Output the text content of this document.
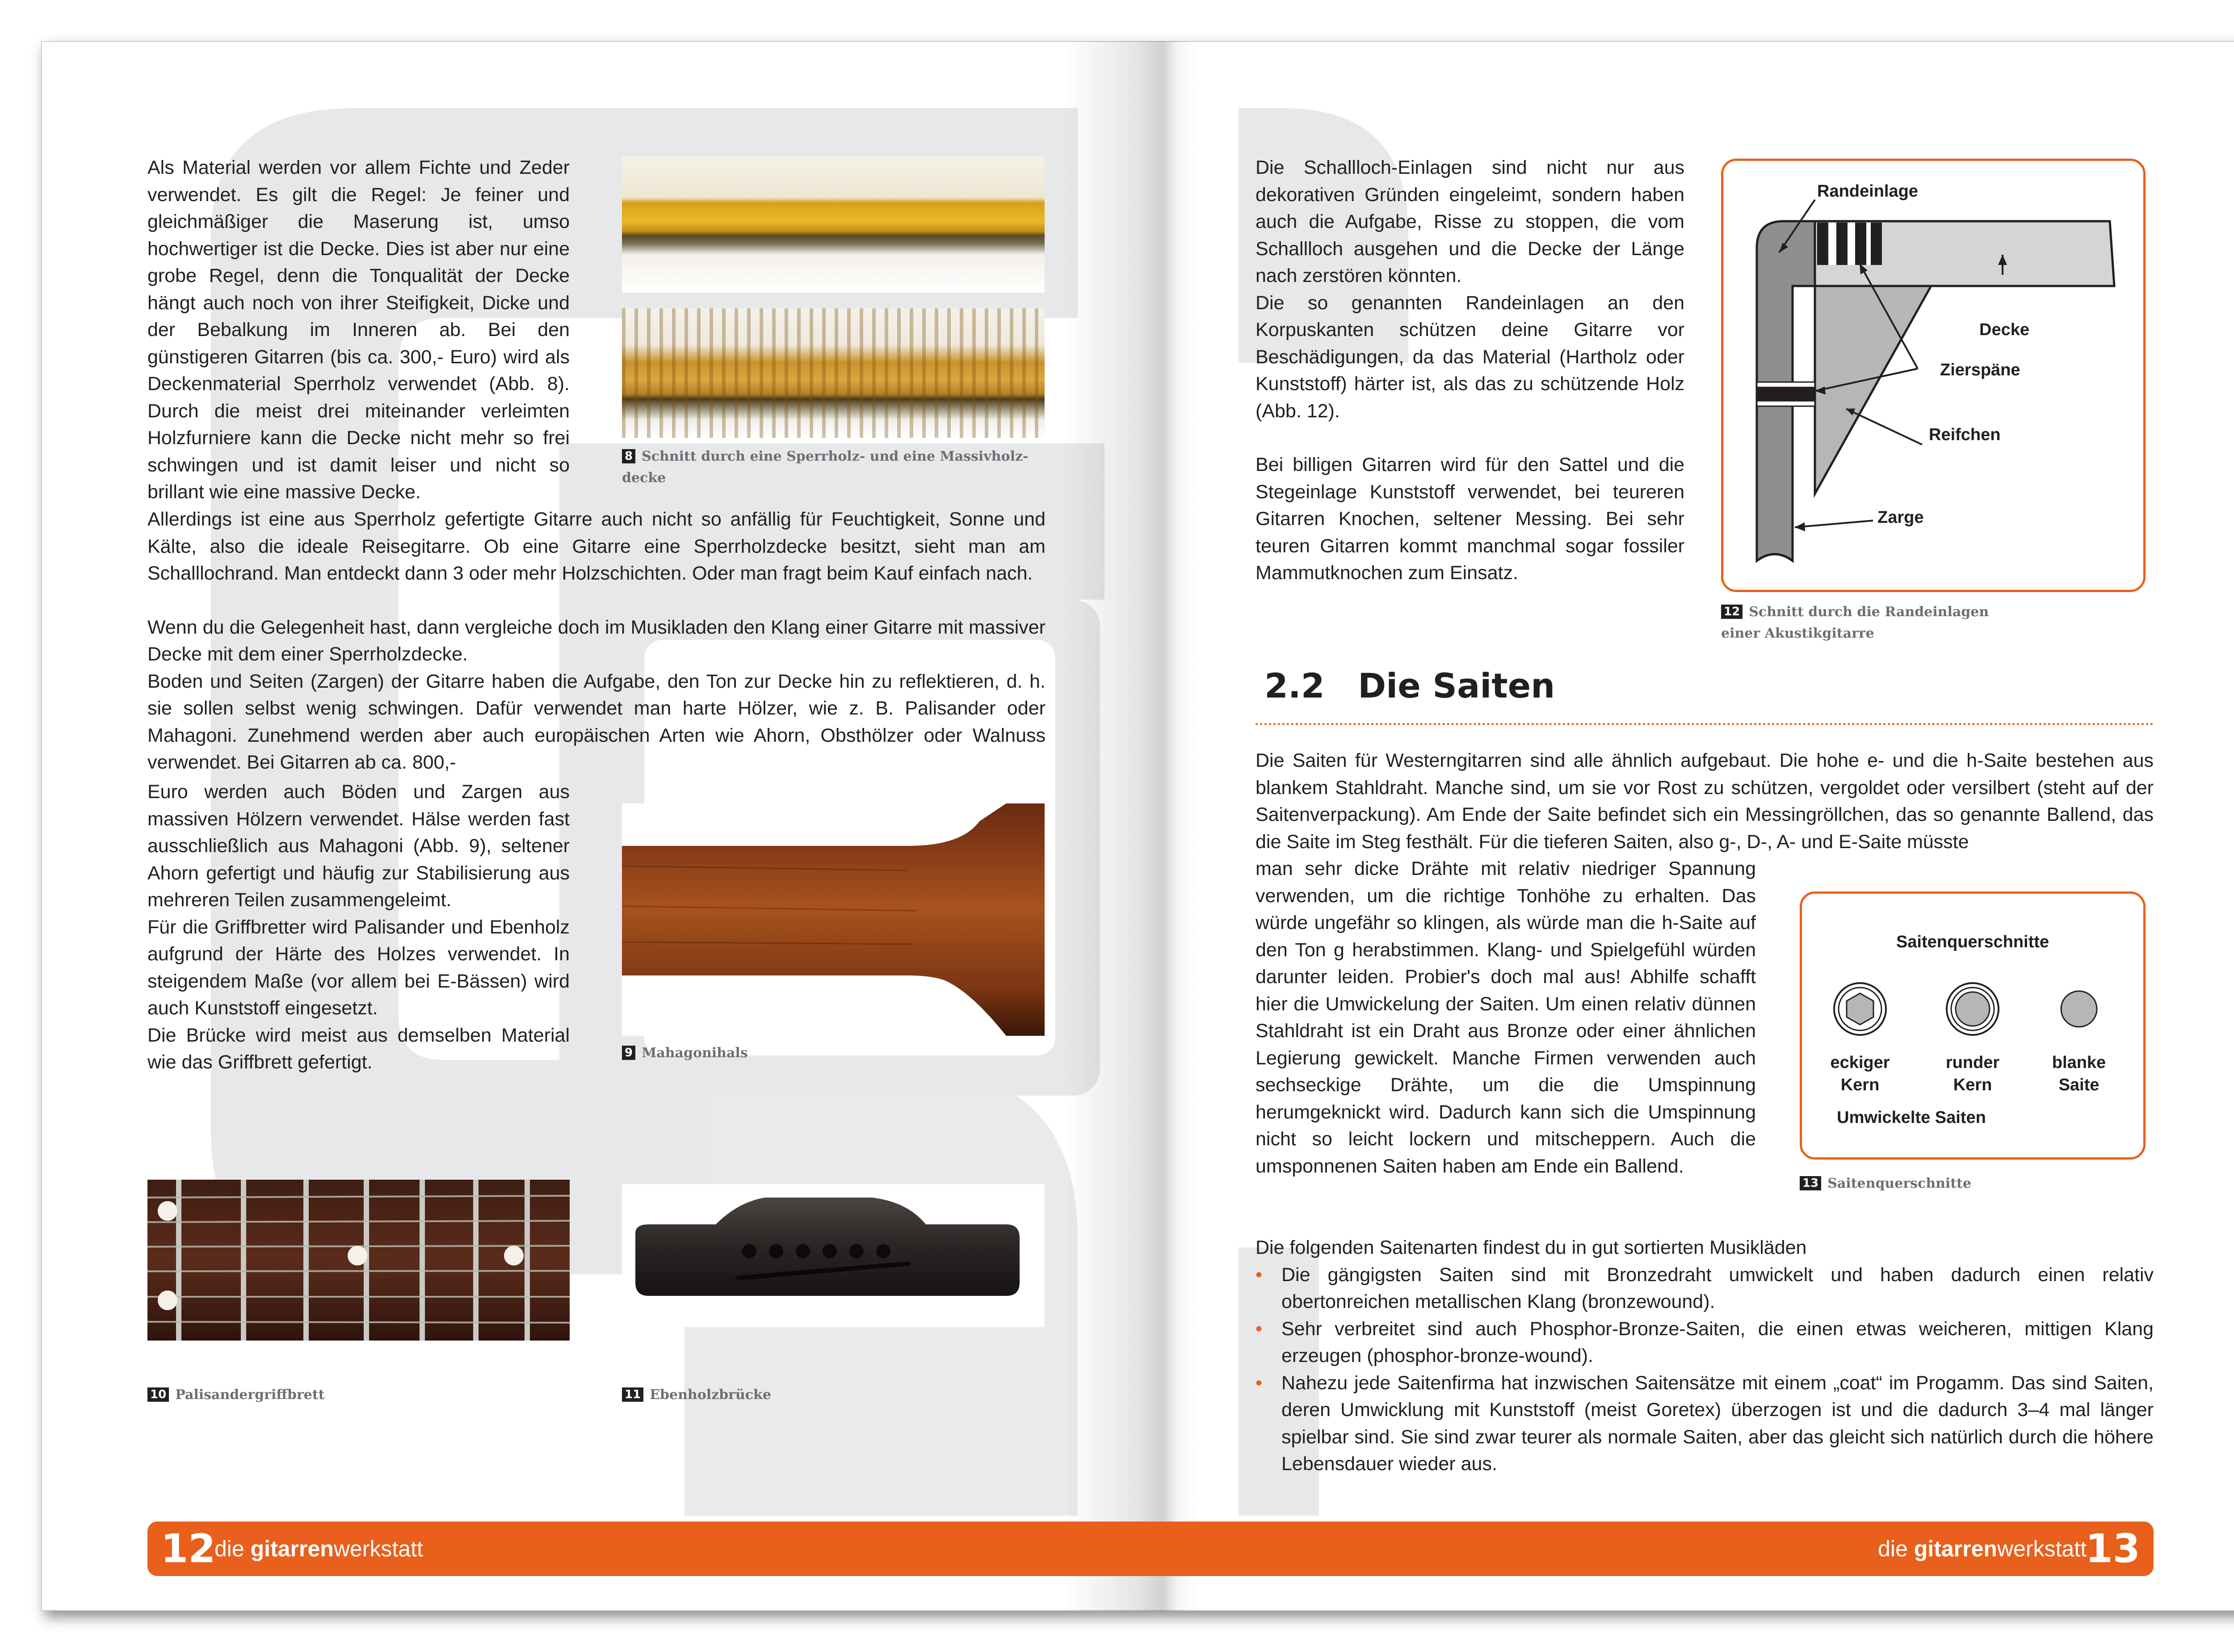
Als Material werden vor allem Fichte und Zeder verwendet. Es gilt die Regel: Je feiner und gleichmäßiger die Maserung ist, umso hochwertiger ist die Decke. Dies ist aber nur eine grobe Regel, denn die Tonqualität der Decke hängt auch noch von ihrer Steifigkeit, Dicke und der Bebalkung im Inneren ab. Bei den günstigeren Gitarren (bis ca. 300,- Euro) wird als Deckenmaterial Sperrholz verwendet (Abb. 8). Durch die meist drei miteinander verleimten Holzfurniere kann die Decke nicht mehr so frei schwingen und ist damit leiser und nicht so brillant wie eine massive Decke.

8 Schnitt durch eine Sperrholz- und eine Massivholz-decke

Allerdings ist eine aus Sperrholz gefertigte Gitarre auch nicht so anfällig für Feuchtigkeit, Sonne und Kälte, also die ideale Reisegitarre. Ob eine Gitarre eine Sperrholzdecke besitzt, sieht man am Schalllochrand. Man entdeckt dann 3 oder mehr Holzschichten. Oder man fragt beim Kauf einfach nach.

Wenn du die Gelegenheit hast, dann vergleiche doch im Musikladen den Klang einer Gitarre mit massiver Decke mit dem einer Sperrholzdecke.

Boden und Seiten (Zargen) der Gitarre haben die Aufgabe, den Ton zur Decke hin zu reflektieren, d. h. sie sollen selbst wenig schwingen. Dafür verwendet man harte Hölzer, wie z. B. Palisander oder Mahagoni. Zunehmend werden aber auch europäischen Arten wie Ahorn, Obsthölzer oder Walnuss verwendet. Bei Gitarren ab ca. 800,-

Euro werden auch Böden und Zargen aus massiven Hölzern verwendet. Hälse werden fast ausschließlich aus Mahagoni (Abb. 9), seltener Ahorn gefertigt und häufig zur Stabilisierung aus mehreren Teilen zusammengeleimt.

Für die Griffbretter wird Palisander und Ebenholz aufgrund der Härte des Holzes verwendet. In steigendem Maße (vor allem bei E-Bässen) wird auch Kunststoff eingesetzt.

Die Brücke wird meist aus demselben Material wie das Griffbrett gefertigt.	9 Mahagonihals
10 Palisandergriffbrett	11 Ebenholzbrücke

Die Schallloch-Einlagen sind nicht nur aus dekorativen Gründen eingeleimt, sondern haben auch die Aufgabe, Risse zu stoppen, die vom Schallloch ausgehen und die Decke der Länge nach zerstören könnten.

Die so genannten Randeinlagen an den Korpuskanten schützen deine Gitarre vor Beschädigungen, da das Material (Hartholz oder Kunststoff) härter ist, als das zu schützende Holz (Abb. 12).

Bei billigen Gitarren wird für den Sattel und die Stegeinlage Kunststoff verwendet, bei teureren Gitarren Knochen, seltener Messing. Bei sehr teuren Gitarren kommt manchmal sogar fossiler Mammutknochen zum Einsatz.

Randeinlage
Decke
Zierspäne
Reifchen
Zarge
12 Schnitt durch die Randeinlagen
einer Akustikgitarre
2.2 Die Saiten

Die Saiten für Westerngitarren sind alle ähnlich aufgebaut. Die hohe e- und die h-Saite bestehen aus blankem Stahldraht. Manche sind, um sie vor Rost zu schützen, vergoldet oder versilbert (steht auf der Saitenverpackung). Am Ende der Saite befindet sich ein Messingröllchen, das so genannte Ballend, das die Saite im Steg festhält. Für die tieferen Saiten, also g-, D-, A- und E-Saite müsste

man sehr dicke Drähte mit relativ niedriger Spannung verwenden, um die richtige Tonhöhe zu erhalten. Das würde ungefähr so klingen, als würde man die h-Saite auf den Ton g herabstimmen. Klang- und Spielgefühl würden darunter leiden. Probier's doch mal aus! Abhilfe schafft hier die Umwickelung der Saiten. Um einen relativ dünnen Stahldraht ist ein Draht aus Bronze oder einer ähnlichen Legierung gewickelt. Manche Firmen verwenden auch sechseckige Drähte, um die die Umspinnung herumgeknickt wird. Dadurch kann sich die Umspinnung nicht so leicht lockern und mitscheppern. Auch die umsponnenen Saiten haben am Ende ein Ballend.

Saitenquerschnitte
eckiger
Kern
runder
Kern
blanke
Saite
Umwickelte Saiten
13 Saitenquerschnitte

Die folgenden Saitenarten findest du in gut sortierten Musikläden

• Die gängigsten Saiten sind mit Bronzedraht umwickelt und haben dadurch einen relativ obertonreichen metallischen Klang (bronzewound).
• Sehr verbreitet sind auch Phosphor-Bronze-Saiten, die einen etwas weicheren, mittigen Klang erzeugen (phosphor-bronze-wound).
• Nahezu jede Saitenfirma hat inzwischen Saitensätze mit einem „coat“ im Progamm. Das sind Saiten, deren Umwicklung mit Kunststoff (meist Goretex) überzogen ist und die dadurch 3–4 mal länger spielbar sind. Sie sind zwar teurer als normale Saiten, aber das gleicht sich natürlich durch die höhere Lebensdauer wieder aus.
12
die gitarrenwerkstatt	die gitarrenwerkstatt
13
